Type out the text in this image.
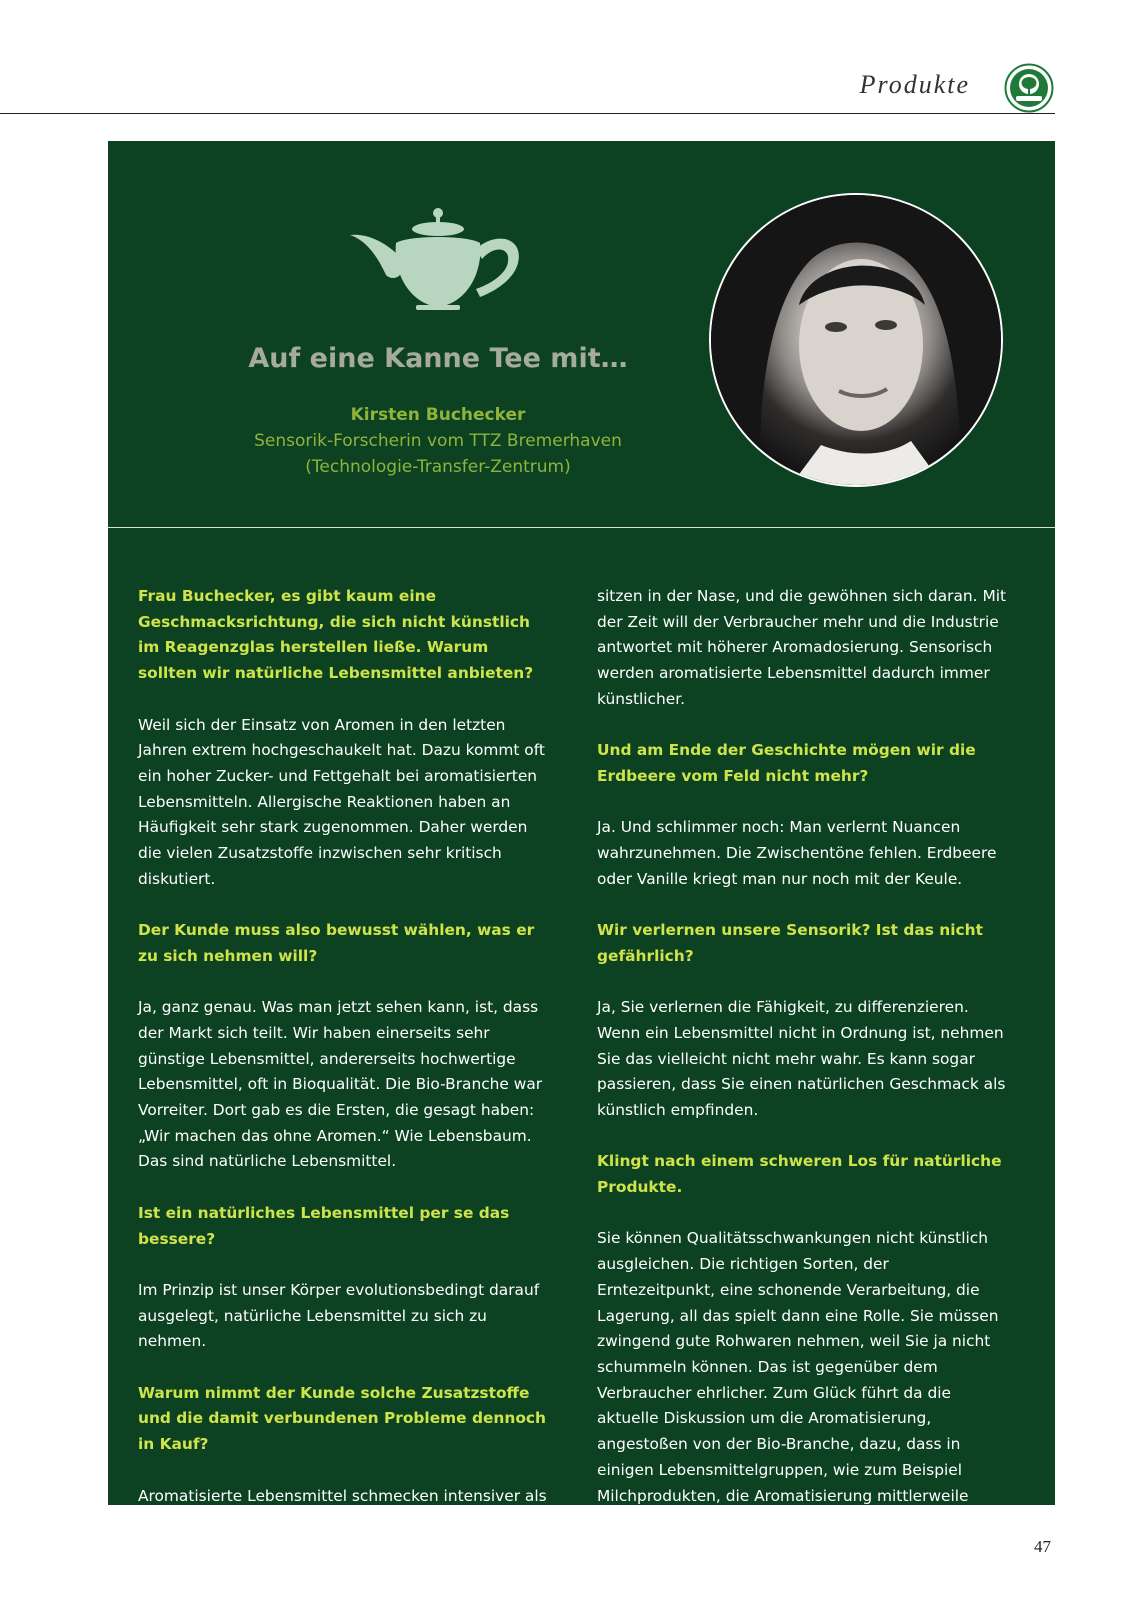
Produkte
Auf eine Kanne Tee mit…
Kirsten Buchecker
Sensorik-Forscherin vom TTZ Bremerhaven
(Technologie-Transfer-Zentrum)

Frau Buchecker, es gibt kaum eine Geschmacksrichtung, die sich nicht künstlich im Reagenzglas herstellen ließe. Warum sollten wir natürliche Lebensmittel anbieten?

Weil sich der Einsatz von Aromen in den letzten Jahren extrem hochgeschaukelt hat. Dazu kommt oft ein hoher Zucker- und Fettgehalt bei aromatisierten Lebensmitteln. Allergische Reaktionen haben an Häufigkeit sehr stark zugenommen. Daher werden die vielen Zusatzstoffe inzwischen sehr kritisch diskutiert.

Der Kunde muss also bewusst wählen, was er zu sich nehmen will?

Ja, ganz genau. Was man jetzt sehen kann, ist, dass der Markt sich teilt. Wir haben einerseits sehr günstige Lebensmittel, andererseits hochwertige Lebensmittel, oft in Bioqualität. Die Bio-Branche war Vorreiter. Dort gab es die Ersten, die gesagt haben: „Wir machen das ohne Aromen.“ Wie Lebensbaum. Das sind natürliche Lebensmittel.

Ist ein natürliches Lebensmittel per se das bessere?

Im Prinzip ist unser Körper evolutionsbedingt darauf ausgelegt, natürliche Lebensmittel zu sich zu nehmen.

Warum nimmt der Kunde solche Zusatzstoffe und die damit verbundenen Probleme dennoch in Kauf?

Aromatisierte Lebensmittel schmecken intensiver als natürliche. Die Rezeptoren für die Aromenwahrnehmung

sitzen in der Nase, und die gewöhnen sich daran. Mit der Zeit will der Verbraucher mehr und die Industrie antwortet mit höherer Aromadosierung. Sensorisch werden aromatisierte Lebensmittel dadurch immer künstlicher.

Und am Ende der Geschichte mögen wir die Erdbeere vom Feld nicht mehr?

Ja. Und schlimmer noch: Man verlernt Nuancen wahrzunehmen. Die Zwischentöne fehlen. Erdbeere oder Vanille kriegt man nur noch mit der Keule.

Wir verlernen unsere Sensorik? Ist das nicht gefährlich?

Ja, Sie verlernen die Fähigkeit, zu differenzieren. Wenn ein Lebensmittel nicht in Ordnung ist, nehmen Sie das vielleicht nicht mehr wahr. Es kann sogar passieren, dass Sie einen natürlichen Geschmack als künstlich empfinden.

Klingt nach einem schweren Los für natürliche Produkte.

Sie können Qualitätsschwankungen nicht künstlich ausgleichen. Die richtigen Sorten, der Erntezeitpunkt, eine schonende Verarbeitung, die Lagerung, all das spielt dann eine Rolle. Sie müssen zwingend gute Rohwaren nehmen, weil Sie ja nicht schummeln können. Das ist gegenüber dem Verbraucher ehrlicher. Zum Glück führt da die aktuelle Diskussion um die Aromatisierung, angestoßen von der Bio-Branche, dazu, dass in einigen Lebensmittelgruppen, wie zum Beispiel Milchprodukten, die Aromatisierung mittlerweile reduziert oder ganz darauf verzichtet wird.

47
